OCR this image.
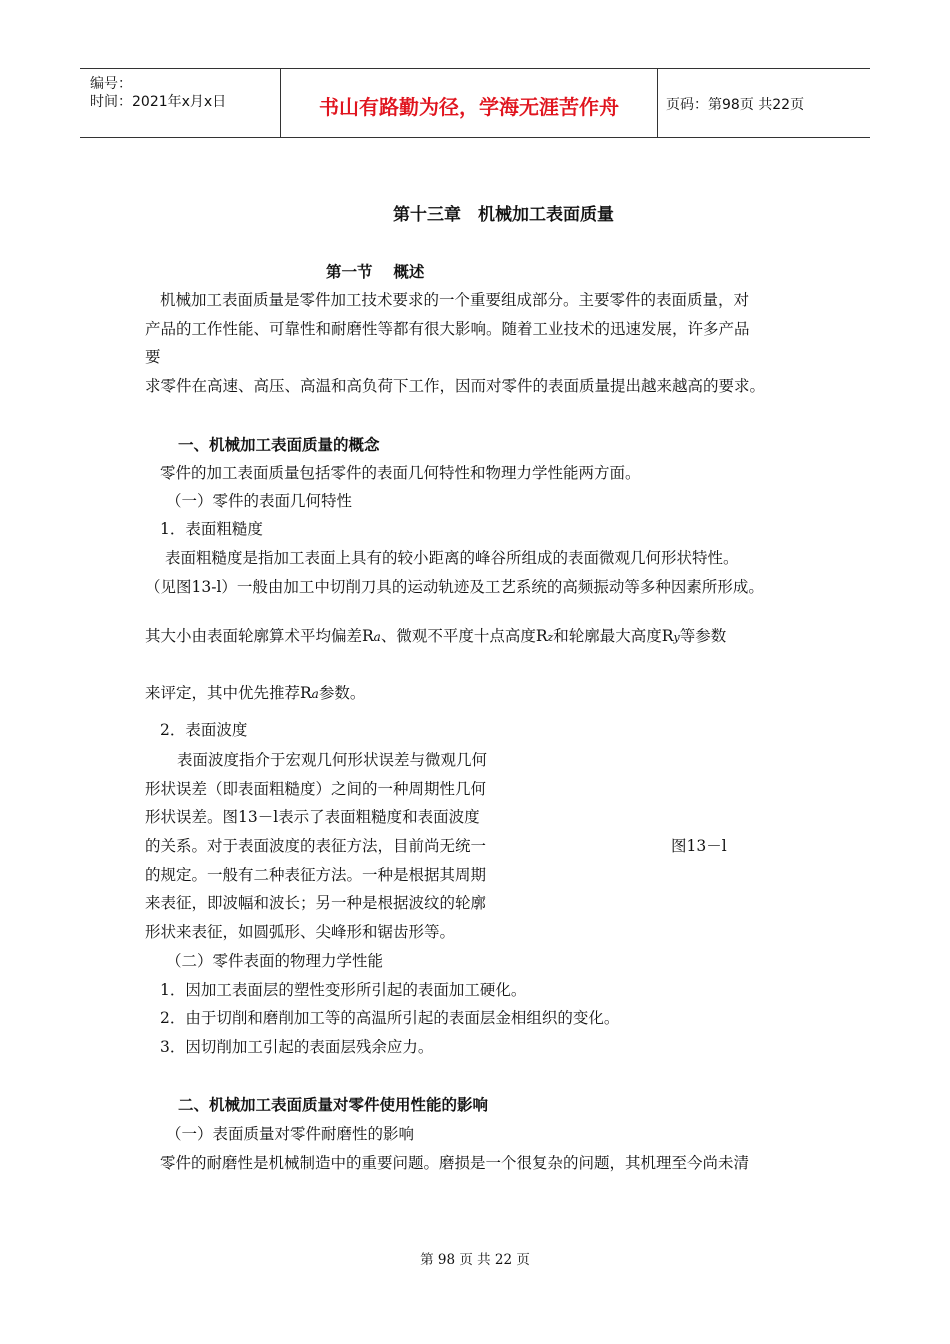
编号：
时间：2021年x月x日	书山有路勤为径，学海无涯苦作舟	页码：第98页 共22页
第十三章　机械加工表面质量
第一节　 概述
机械加工表面质量是零件加工技术要求的一个重要组成部分。主要零件的表面质量，对
产品的工作性能、可靠性和耐磨性等都有很大影响。随着工业技术的迅速发展，许多产品
要
求零件在高速、高压、高温和高负荷下工作，因而对零件的表面质量提出越来越高的要求。
一、机械加工表面质量的概念
零件的加工表面质量包括零件的表面几何特性和物理力学性能两方面。
（一）零件的表面几何特性
1．表面粗糙度
表面粗糙度是指加工表面上具有的较小距离的峰谷所组成的表面微观几何形状特性。
（见图13-l）一般由加工中切削刀具的运动轨迹及工艺系统的高频振动等多种因素所形成。
其大小由表面轮廓算术平均偏差Ra、微观不平度十点高度Rz和轮廓最大高度Ry等参数
来评定，其中优先推荐Ra参数。
2．表面波度
表面波度指介于宏观几何形状误差与微观几何
形状误差（即表面粗糙度）之间的一种周期性几何
形状误差。图13－l表示了表面粗糙度和表面波度
的关系。对于表面波度的表征方法，目前尚无统一
的规定。一般有二种表征方法。一种是根据其周期
来表征，即波幅和波长；另一种是根据波纹的轮廓
形状来表征，如圆弧形、尖峰形和锯齿形等。
图13－l
（二）零件表面的物理力学性能
1．因加工表面层的塑性变形所引起的表面加工硬化。
2．由于切削和磨削加工等的高温所引起的表面层金相组织的变化。
3．因切削加工引起的表面层残余应力。
二、机械加工表面质量对零件使用性能的影响
（一）表面质量对零件耐磨性的影响
零件的耐磨性是机械制造中的重要问题。磨损是一个很复杂的问题，其机理至今尚未清
第 98 页 共 22 页
